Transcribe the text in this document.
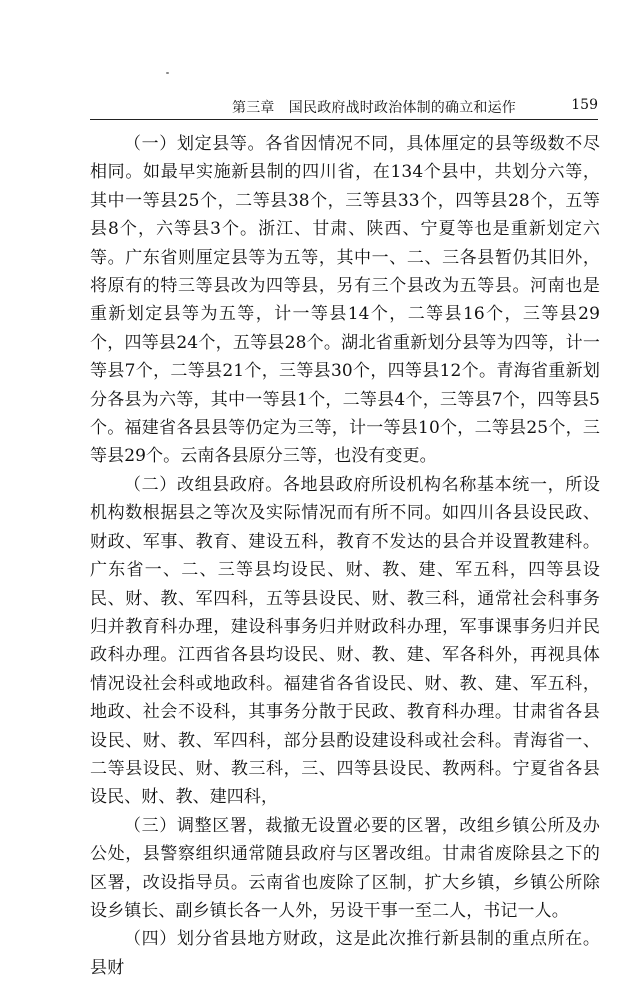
第三章　国民政府战时政治体制的确立和运作	159

（一）划定县等。各省因情况不同，具体厘定的县等级数不尽相同。如最早实施新县制的四川省，在134个县中，共划分六等，其中一等县25个，二等县38个，三等县33个，四等县28个，五等县8个，六等县3个。浙江、甘肃、陕西、宁夏等也是重新划定六等。广东省则厘定县等为五等，其中一、二、三各县暂仍其旧外，将原有的特三等县改为四等县，另有三个县改为五等县。河南也是重新划定县等为五等，计一等县14个，二等县16个，三等县29个，四等县24个，五等县28个。湖北省重新划分县等为四等，计一等县7个，二等县21个，三等县30个，四等县12个。青海省重新划分各县为六等，其中一等县1个，二等县4个，三等县7个，四等县5个。福建省各县县等仍定为三等，计一等县10个，二等县25个，三等县29个。云南各县原分三等，也没有变更。

（二）改组县政府。各地县政府所设机构名称基本统一，所设机构数根据县之等次及实际情况而有所不同。如四川各县设民政、财政、军事、教育、建设五科，教育不发达的县合并设置教建科。广东省一、二、三等县均设民、财、教、建、军五科，四等县设民、财、教、军四科，五等县设民、财、教三科，通常社会科事务归并教育科办理，建设科事务归并财政科办理，军事课事务归并民政科办理。江西省各县均设民、财、教、建、军各科外，再视具体情况设社会科或地政科。福建省各省设民、财、教、建、军五科，地政、社会不设科，其事务分散于民政、教育科办理。甘肃省各县设民、财、教、军四科，部分县酌设建设科或社会科。青海省一、二等县设民、财、教三科，三、四等县设民、教两科。宁夏省各县设民、财、教、建四科，

（三）调整区署，裁撤无设置必要的区署，改组乡镇公所及办公处，县警察组织通常随县政府与区署改组。甘肃省废除县之下的区署，改设指导员。云南省也废除了区制，扩大乡镇，乡镇公所除设乡镇长、副乡镇长各一人外，另设干事一至二人，书记一人。

（四）划分省县地方财政，这是此次推行新县制的重点所在。县财
